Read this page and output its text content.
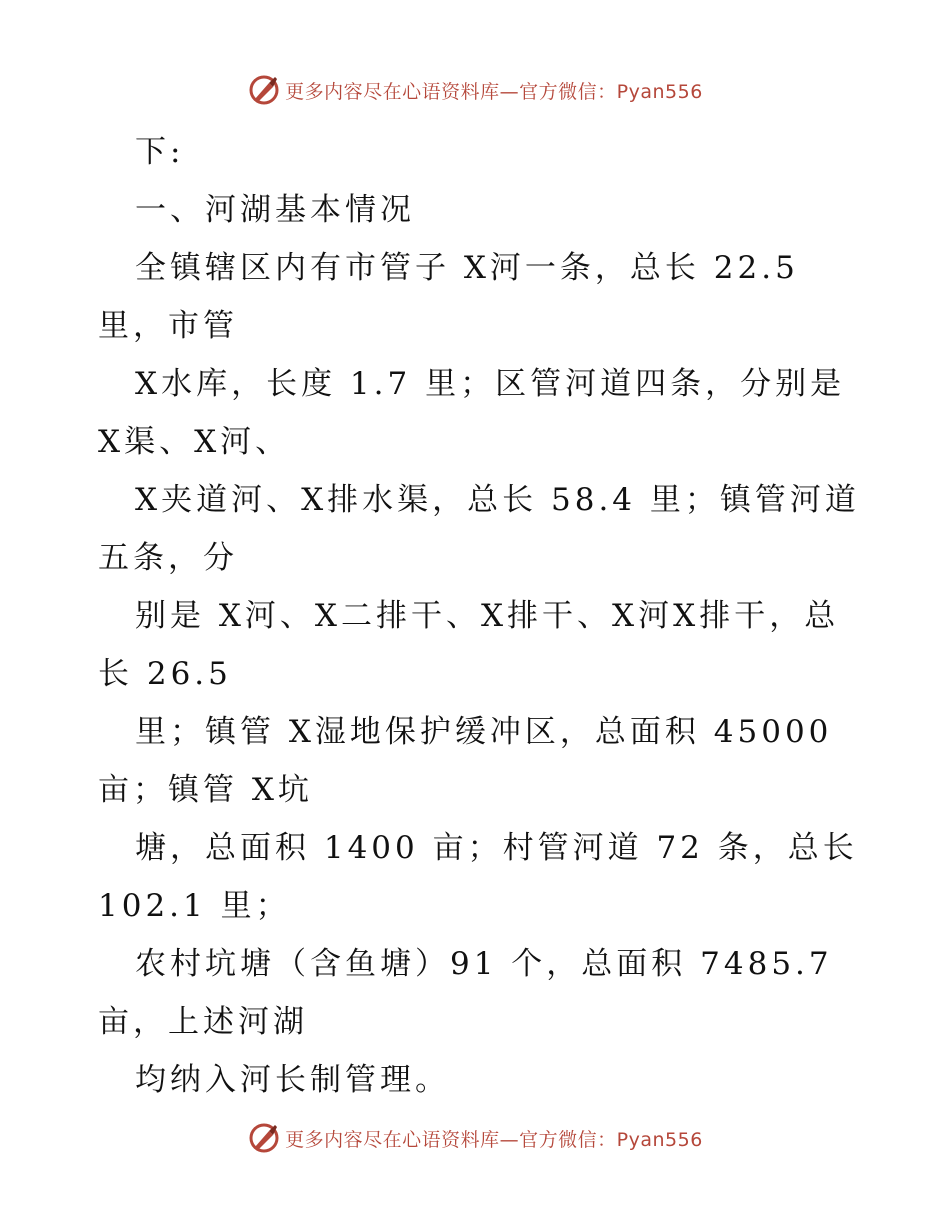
更多内容尽在心语资料库—官方微信：Pyan556
下:
一、河湖基本情况
全镇辖区内有市管子 X河一条，总长 22.5
里，市管
X水库，长度 1.7 里；区管河道四条，分别是
X渠、X河、
X夹道河、X排水渠，总长 58.4 里；镇管河道
五条，分
别是 X河、X二排干、X排干、X河X排干，总
长 26.5
里；镇管 X湿地保护缓冲区，总面积 45000
亩；镇管 X坑
塘，总面积 1400 亩；村管河道 72 条，总长
102.1 里；
农村坑塘（含鱼塘）91 个，总面积 7485.7
亩，上述河湖
均纳入河长制管理。
更多内容尽在心语资料库—官方微信：Pyan556
